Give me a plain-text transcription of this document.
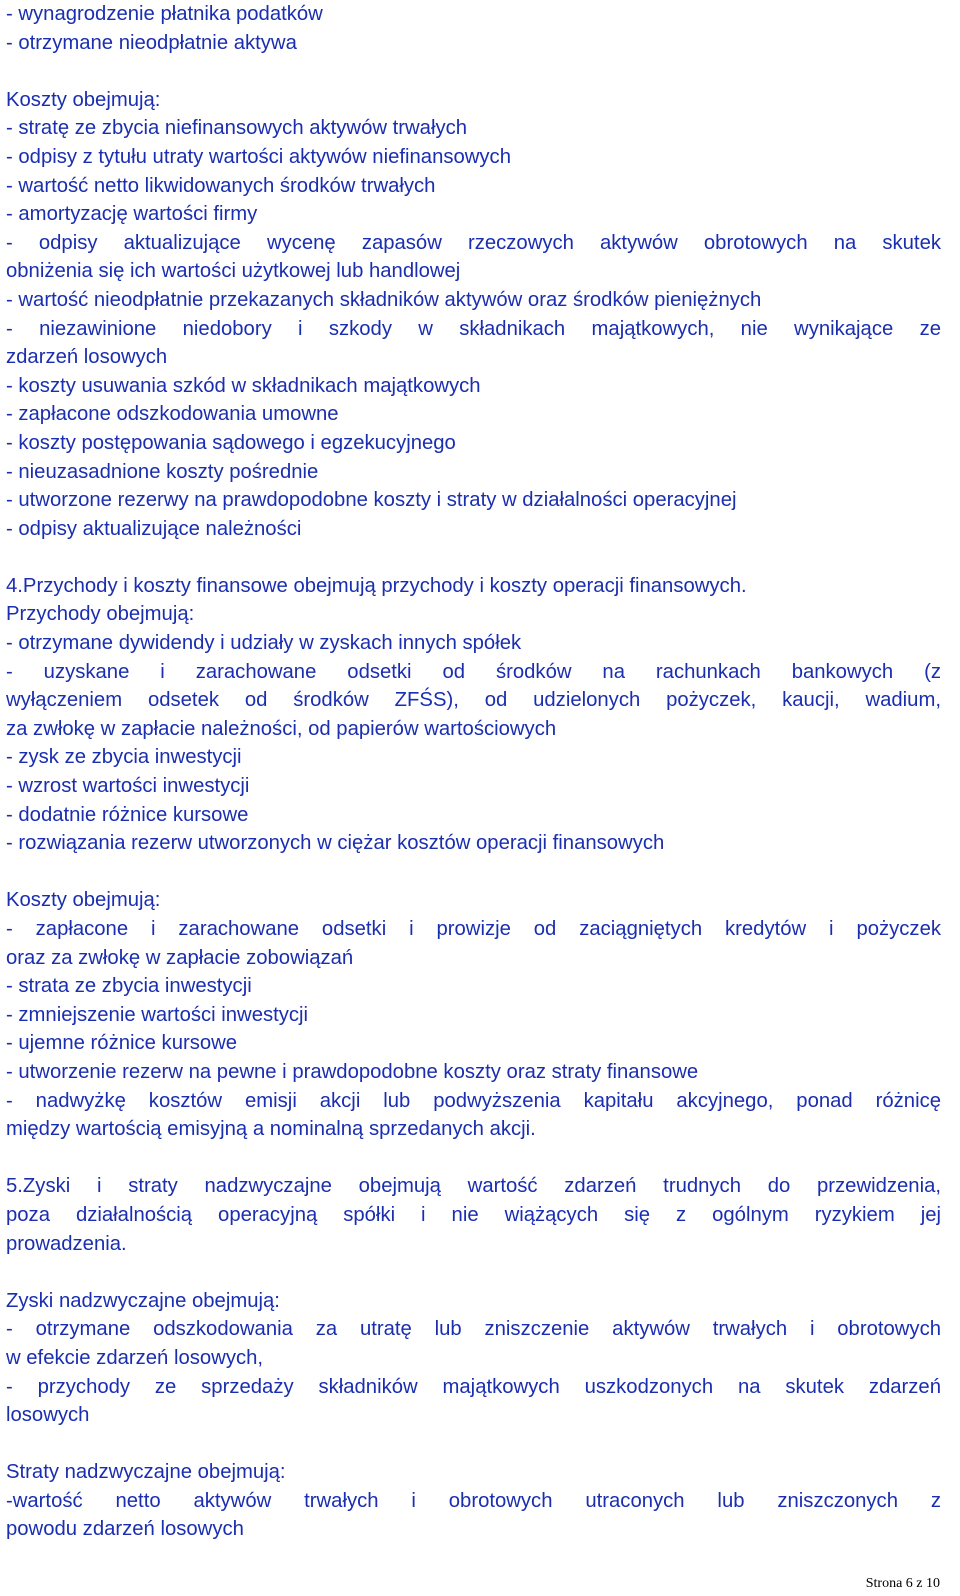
- wynagrodzenie płatnika podatków
- otrzymane nieodpłatnie aktywa
Koszty obejmują:
- stratę ze zbycia niefinansowych aktywów trwałych
- odpisy z tytułu utraty wartości aktywów niefinansowych
- wartość netto likwidowanych środków trwałych
- amortyzację wartości firmy
- odpisy aktualizujące wycenę zapasów rzeczowych aktywów obrotowych na skutek
obniżenia się ich wartości użytkowej lub handlowej
- wartość nieodpłatnie przekazanych składników aktywów oraz środków pieniężnych
- niezawinione niedobory i szkody w składnikach majątkowych, nie wynikające ze
zdarzeń losowych
- koszty usuwania szkód w składnikach majątkowych
- zapłacone odszkodowania umowne
- koszty postępowania sądowego i egzekucyjnego
- nieuzasadnione koszty pośrednie
- utworzone rezerwy na prawdopodobne koszty i straty w działalności operacyjnej
- odpisy aktualizujące należności
4.Przychody i koszty finansowe obejmują przychody i koszty operacji finansowych.
Przychody obejmują:
- otrzymane dywidendy i udziały w zyskach innych spółek
- uzyskane i zarachowane odsetki od środków na rachunkach bankowych (z
wyłączeniem odsetek od środków ZFŚS), od udzielonych pożyczek, kaucji, wadium,
za zwłokę w zapłacie należności, od papierów wartościowych
- zysk ze zbycia inwestycji
- wzrost wartości inwestycji
- dodatnie różnice kursowe
- rozwiązania rezerw utworzonych w ciężar kosztów operacji finansowych
Koszty obejmują:
- zapłacone i zarachowane odsetki i prowizje od zaciągniętych kredytów i pożyczek
oraz za zwłokę w zapłacie zobowiązań
- strata ze zbycia inwestycji
- zmniejszenie wartości inwestycji
- ujemne różnice kursowe
- utworzenie rezerw na pewne i prawdopodobne koszty oraz straty finansowe
- nadwyżkę kosztów emisji akcji lub podwyższenia kapitału akcyjnego, ponad różnicę
między wartością emisyjną a nominalną sprzedanych akcji.
5.Zyski i straty nadzwyczajne obejmują wartość zdarzeń trudnych do przewidzenia,
poza działalnością operacyjną spółki i nie wiążących się z ogólnym ryzykiem jej
prowadzenia.
Zyski nadzwyczajne obejmują:
- otrzymane odszkodowania za utratę lub zniszczenie aktywów trwałych i obrotowych
w efekcie zdarzeń losowych,
- przychody ze sprzedaży składników majątkowych uszkodzonych na skutek zdarzeń
losowych
Straty nadzwyczajne obejmują:
-wartość netto aktywów trwałych i obrotowych utraconych lub zniszczonych z
powodu zdarzeń losowych
Strona 6 z 10
